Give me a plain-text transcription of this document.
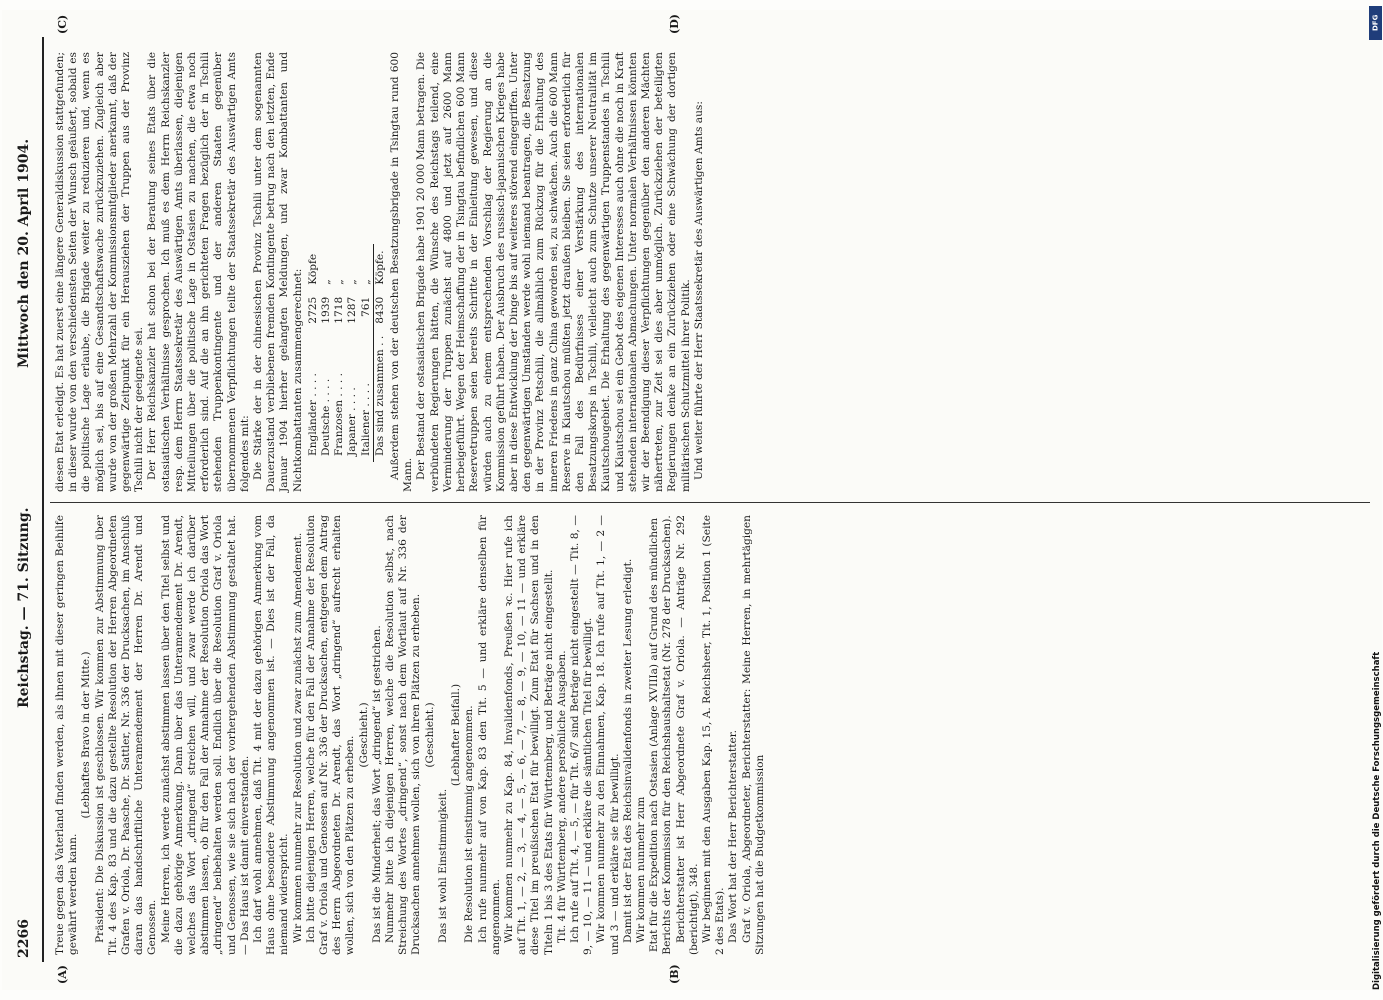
2266
Reichstag. — 71. Sitzung.
Mittwoch den 20. April 1904.
(A)	(B)
(C)	(D)

Treue gegen das Vaterland finden werden, als ihnen mit dieser geringen Beihilfe gewährt werden kann.

(Lebhaftes Bravo in der Mitte.) Präsident: Die Diskussion ist geschlossen. Wir kommen zur Abstimmung über Tit. 4 des Kap. 83 und die dazu gestellte Resolution der Herren Abgeordneten Grafen v. Oriola, Dr. Paasche, Dr. Sattler, Nr. 336 der Drucksachen, im Anschluß daran das handschriftliche Unteramendement der Herren Dr. Arendt und Genossen. Meine Herren, ich werde zunächst abstimmen lassen über den Titel selbst und die dazu gehörige Anmerkung. Dann über das Unteramendement Dr. Arendt, welches das Wort „dringend“ streichen will, und zwar werde ich darüber abstimmen lassen, ob für den Fall der Annahme der Resolution Oriola das Wort „dringend“ beibehalten werden soll. Endlich über die Resolution Graf v. Oriola und Genossen, wie sie sich nach der vorhergehenden Abstimmung gestaltet hat. — Das Haus ist damit einverstanden. Ich darf wohl annehmen, daß Tit. 4 mit der dazu gehörigen Anmerkung vom Haus ohne besondere Abstimmung angenommen ist. — Dies ist der Fall, da niemand widerspricht. Wir kommen nunmehr zur Resolution und zwar zunächst zum Amendement. Ich bitte diejenigen Herren, welche für den Fall der Annahme der Resolution Graf v. Oriola und Genossen auf Nr. 336 der Drucksachen, entgegen dem Antrag des Herrn Abgeordneten Dr. Arendt, das Wort „dringend“ aufrecht erhalten wollen, sich von den Plätzen zu erheben.

(Geschieht.) Das ist die Minderheit; das Wort „dringend“ ist gestrichen. Nunmehr bitte ich diejenigen Herren, welche die Resolution selbst, nach Streichung des Wortes „dringend“, sonst nach dem Wortlaut auf Nr. 336 der Drucksachen annehmen wollen, sich von ihren Plätzen zu erheben. (Geschieht.)

Das ist wohl Einstimmigkeit.

(Lebhafter Beifall.) Die Resolution ist einstimmig angenommen. Ich rufe nunmehr auf von Kap. 83 den Tit. 5 — und erkläre denselben für angenommen. Wir kommen nunmehr zu Kap. 84, Invalidenfonds, Preußen ꝛc. Hier rufe ich auf Tit. 1, — 2, — 3, — 4, — 5, — 6, — 7, — 8, — 9, — 10, — 11 — und erkläre diese Titel im preußischen Etat für bewilligt. Zum Etat für Sachsen und in den Titeln 1 bis 3 des Etats für Württemberg, und Beträge nicht eingestellt. Tit. 4 für Württemberg, andere persönliche Ausgaben. Ich rufe auf Tit. 4, — 5, — für Tit. 6/7 sind Beträge nicht eingestellt — Tit. 8, — 9, — 10, — 11 — und erkläre die sämtlichen Titel für bewilligt. Wir kommen nunmehr zu den Einnahmen, Kap. 18. Ich rufe auf Tit. 1, — 2 — und 3 — und erkläre sie für bewilligt. Damit ist der Etat des Reichsinvalidenfonds in zweiter Lesung erledigt. Wir kommen nunmehr zum Etat für die Expedition nach Ostasien (Anlage XVIIIa) auf Grund des mündlichen Berichts der Kommission für den Reichshaushaltsetat (Nr. 278 der Drucksachen). Berichterstatter ist Herr Abgeordnete Graf v. Oriola. — Anträge Nr. 292 (berichtigt), 348. Wir beginnen mit den Ausgaben Kap. 15, A. Reichsheer, Tit. 1, Position 1 (Seite 2 des Etats). Das Wort hat der Herr Berichterstatter. Graf v. Oriola, Abgeordneter, Berichterstatter: Meine Herren, in mehrtägigen Sitzungen hat die Budgetkommission

diesen Etat erledigt. Es hat zuerst eine längere Generaldiskussion stattgefunden; in dieser wurde von den verschiedensten Seiten der Wunsch geäußert, sobald es die politische Lage erlaube, die Brigade weiter zu reduzieren und, wenn es möglich sei, bis auf eine Gesandtschaftswache zurückzuziehen. Zugleich aber wurde von der großen Mehrzahl der Kommissionsmitglieder anerkannt, daß der gegenwärtige Zeitpunkt für ein Herausziehen der Truppen aus der Provinz Tschili nicht der geeignete sei. Der Herr Reichskanzler hat schon bei der Beratung seines Etats über die ostasiatischen Verhältnisse gesprochen. Ich muß es dem Herrn Reichskanzler resp. dem Herrn Staatssekretär des Auswärtigen Amts überlassen, diejenigen Mitteilungen über die politische Lage in Ostasien zu machen, die etwa noch erforderlich sind. Auf die an ihn gerichteten Fragen bezüglich der in Tschili stehenden Truppenkontingente und der anderen Staaten gegenüber übernommenen Verpflichtungen teilte der Staatssekretär des Auswärtigen Amts folgendes mit: Die Stärke der in der chinesischen Provinz Tschili unter dem sogenannten Dauerzustand verbliebenen fremden Kontingente betrug nach den letzten, Ende Januar 1904 hierher gelangten Meldungen, und zwar Kombattanten und Nichtkombattanten zusammengerechnet: Engländer . . . .	2725	Köpfe
Deutsche . . . .	1939	„
Franzosen . . . .	1718	„
Japaner . . . .	1287	„
Italiener . . . .	761	„
Das sind zusammen . .	8430	Köpfe. Außerdem stehen von der deutschen Besatzungsbrigade in Tsingtau rund 600 Mann. Der Bestand der ostasiatischen Brigade habe 1901 20 000 Mann betragen. Die verbündeten Regierungen hätten, die Wünsche des Reichstags teilend, eine Verminderung der Truppen zunächst auf 4800 und jetzt auf 2600 Mann herbeigeführt. Wegen der Heimschaffung der in Tsingtau befindlichen 600 Mann Reservetruppen seien bereits Schritte in der Einleitung gewesen, und diese würden auch zu einem entsprechenden Vorschlag der Regierung an die Kommission geführt haben. Der Ausbruch des russisch-japanischen Krieges habe aber in diese Entwicklung der Dinge bis auf weiteres störend eingegriffen. Unter den gegenwärtigen Umständen werde wohl niemand beantragen, die Besatzung in der Provinz Petschili, die allmählich zum Rückzug für die Erhaltung des inneren Friedens in ganz China geworden sei, zu schwächen. Auch die 600 Mann Reserve in Kiautschou müßten jetzt draußen bleiben. Sie seien erforderlich für den Fall des Bedürfnisses einer Verstärkung des internationalen Besatzungskorps in Tschili, vielleicht auch zum Schutze unserer Neutralität im Kiautschougebiet. Die Erhaltung des gegenwärtigen Truppenstandes in Tschili und Kiautschou sei ein Gebot des eigenen Interesses auch ohne die noch in Kraft stehenden internationalen Abmachungen. Unter normalen Verhältnissen könnten wir der Beendigung dieser Verpflichtungen gegenüber den anderen Mächten nähertreten, zur Zeit sei dies aber unmöglich. Zurückziehen der beteiligten Regierungen denke an ein Zurückziehen oder eine Schwächung der dortigen militärischen Schutzmittel ihrer Politik. Und weiter führte der Herr Staatssekretär des Auswärtigen Amts aus:

DFG
Digitalisierung gefördert durch die Deutsche Forschungsgemeinschaft
